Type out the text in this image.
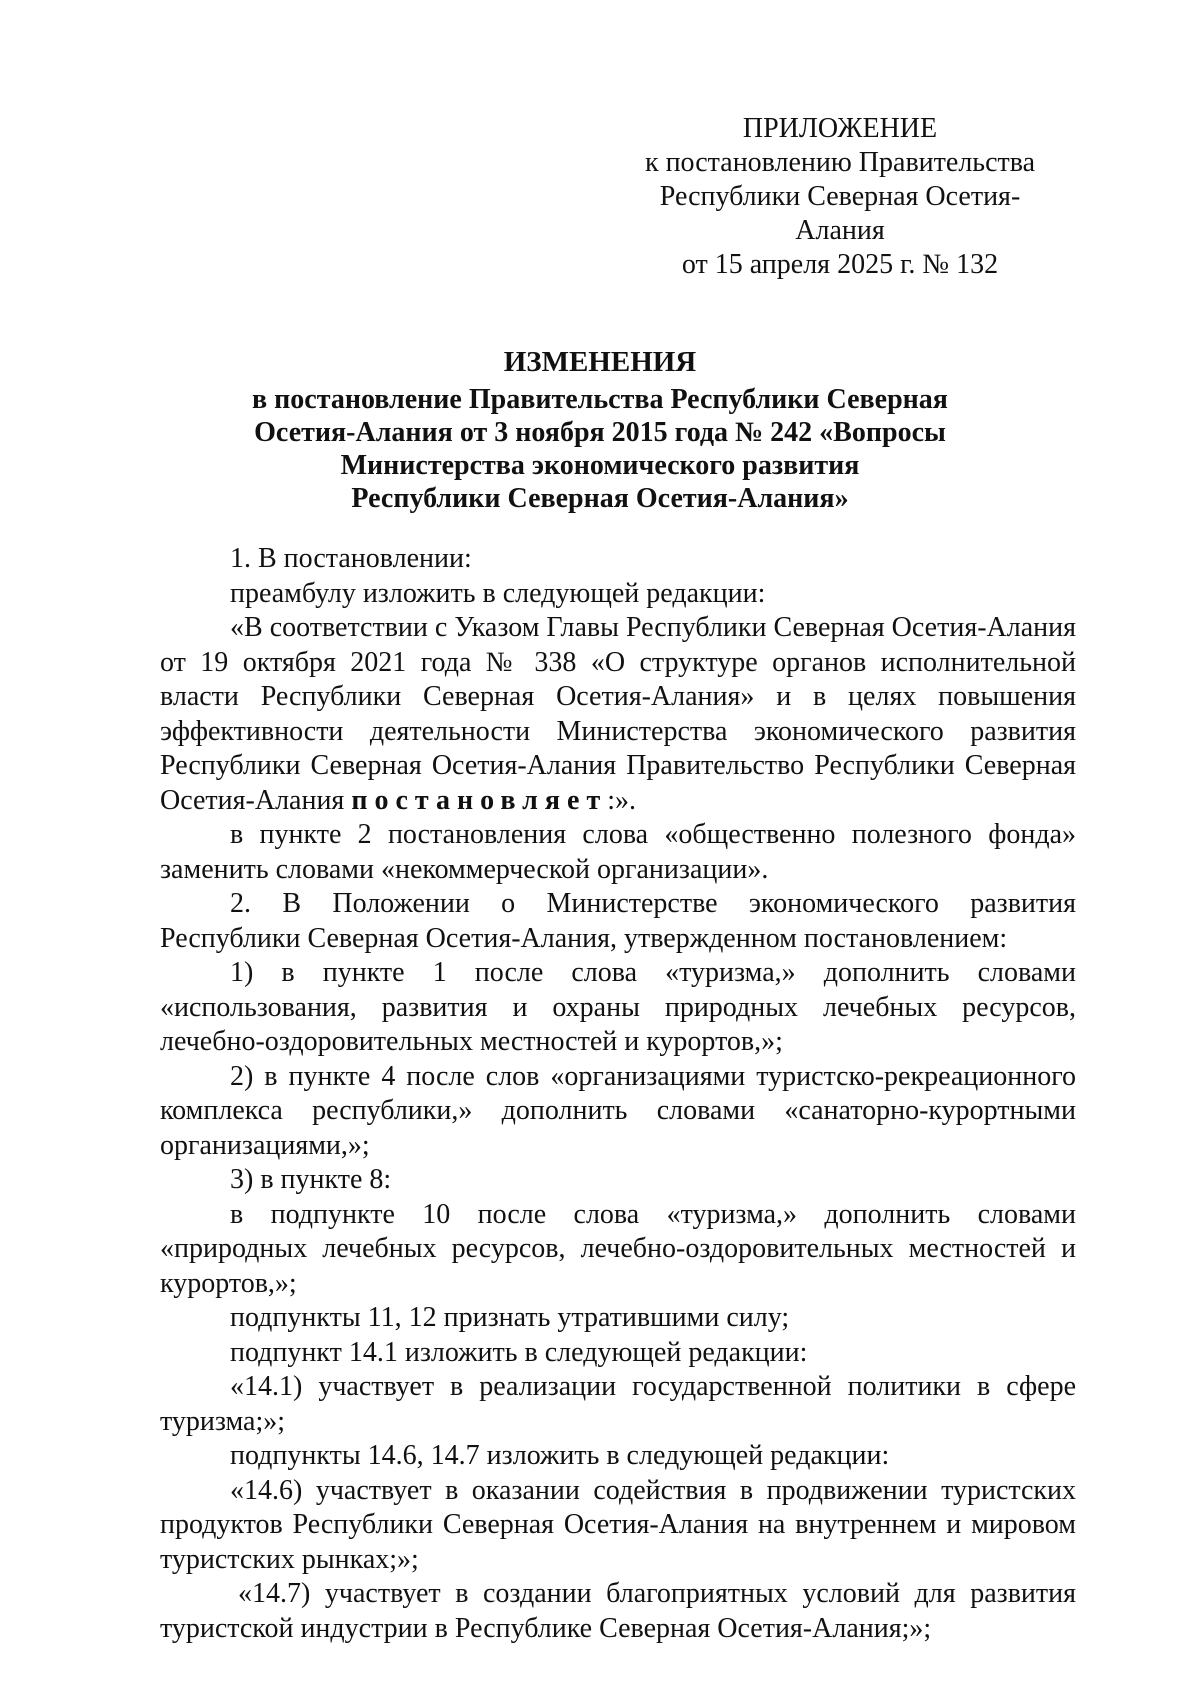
ПРИЛОЖЕНИЕ
к постановлению Правительства
Республики Северная Осетия-Алания
от 15 апреля 2025 г. № 132
ИЗМЕНЕНИЯ
в постановление Правительства Республики Северная
Осетия-Алания от 3 ноября 2015 года № 242 «Вопросы
Министерства экономического развития
Республики Северная Осетия-Алания»

1. В постановлении:

преамбулу изложить в следующей редакции:

«В соответствии с Указом Главы Республики Северная Осетия-Алания от 19 октября 2021 года № 338 «О структуре органов исполнительной власти Республики Северная Осетия-Алания» и в целях повышения эффективности деятельности Министерства экономического развития Республики Северная Осетия-Алания Правительство Республики Северная Осетия-Алания постановляет:».

в пункте 2 постановления слова «общественно полезного фонда» заменить словами «некоммерческой организации».

2. В Положении о Министерстве экономического развития Республики Северная Осетия-Алания, утвержденном постановлением:

1) в пункте 1 после слова «туризма,» дополнить словами «использования, развития и охраны природных лечебных ресурсов, лечебно-оздоровительных местностей и курортов,»;

2) в пункте 4 после слов «организациями туристско-рекреационного комплекса республики,» дополнить словами «санаторно-курортными организациями,»;

3) в пункте 8:

в подпункте 10 после слова «туризма,» дополнить словами «природных лечебных ресурсов, лечебно-оздоровительных местностей и курортов,»;

подпункты 11, 12 признать утратившими силу;

подпункт 14.1 изложить в следующей редакции:

«14.1) участвует в реализации государственной политики в сфере туризма;»;

подпункты 14.6, 14.7 изложить в следующей редакции:

«14.6) участвует в оказании содействия в продвижении туристских продуктов Республики Северная Осетия-Алания на внутреннем и мировом туристских рынках;»;

«14.7) участвует в создании благоприятных условий для развития туристской индустрии в Республике Северная Осетия-Алания;»;
